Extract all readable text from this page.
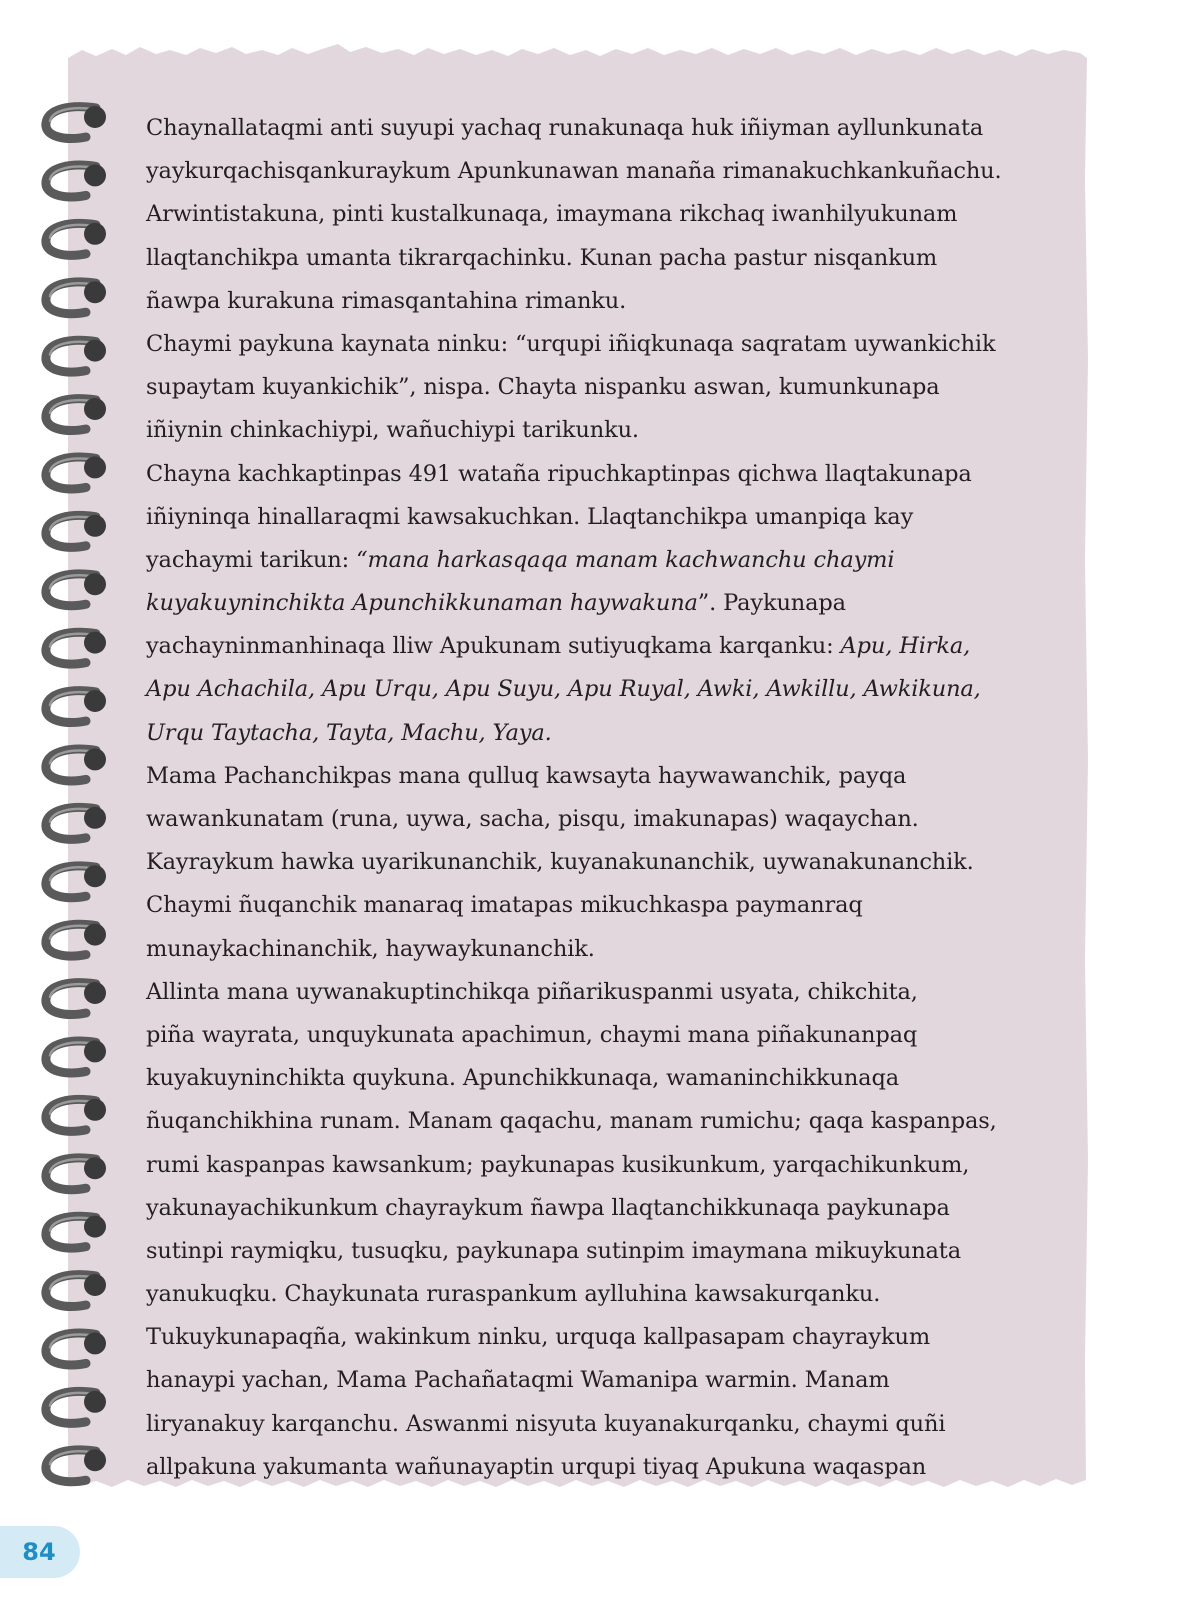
Chaynallataqmi anti suyupi yachaq runakunaqa huk iñiyman ayllunkunata
yaykurqachisqankuraykum Apunkunawan manaña rimanakuchkankuñachu.
Arwintistakuna, pinti kustalkunaqa, imaymana rikchaq iwanhilyukunam
llaqtanchikpa umanta tikrarqachinku. Kunan pacha pastur nisqankum
ñawpa kurakuna rimasqantahina rimanku.
Chaymi paykuna kaynata ninku: “urqupi iñiqkunaqa saqratam uywankichik
supaytam kuyankichik”, nispa. Chayta nispanku aswan, kumunkunapa
iñiynin chinkachiypi, wañuchiypi tarikunku.
Chayna kachkaptinpas 491 wataña ripuchkaptinpas qichwa llaqtakunapa
iñiyninqa hinallaraqmi kawsakuchkan. Llaqtanchikpa umanpiqa kay
yachaymi tarikun: “mana harkasqaqa manam kachwanchu chaymi
kuyakuyninchikta Apunchikkunaman haywakuna”. Paykunapa
yachayninmanhinaqa lliw Apukunam sutiyuqkama karqanku: Apu, Hirka,
Apu Achachila, Apu Urqu, Apu Suyu, Apu Ruyal, Awki, Awkillu, Awkikuna,
Urqu Taytacha, Tayta, Machu, Yaya.
Mama Pachanchikpas mana qulluq kawsayta haywawanchik, payqa
wawankunatam (runa, uywa, sacha, pisqu, imakunapas) waqaychan.
Kayraykum hawka uyarikunanchik, kuyanakunanchik, uywanakunanchik.
Chaymi ñuqanchik manaraq imatapas mikuchkaspa paymanraq
munaykachinanchik, haywaykunanchik.
Allinta mana uywanakuptinchikqa piñarikuspanmi usyata, chikchita,
piña wayrata, unquykunata apachimun, chaymi mana piñakunanpaq
kuyakuyninchikta quykuna. Apunchikkunaqa, wamaninchikkunaqa
ñuqanchikhina runam. Manam qaqachu, manam rumichu; qaqa kaspanpas,
rumi kaspanpas kawsankum; paykunapas kusikunkum, yarqachikunkum,
yakunayachikunkum chayraykum ñawpa llaqtanchikkunaqa paykunapa
sutinpi raymiqku, tusuqku, paykunapa sutinpim imaymana mikuykunata
yanukuqku. Chaykunata ruraspankum aylluhina kawsakurqanku.
Tukuykunapaqña, wakinkum ninku, urquqa kallpasapam chayraykum
hanaypi yachan, Mama Pachañataqmi Wamanipa warmin. Manam
liryanakuy karqanchu. Aswanmi nisyuta kuyanakurqanku, chaymi quñi
allpakuna yakumanta wañunayaptin urqupi tiyaq Apukuna waqaspan
84
